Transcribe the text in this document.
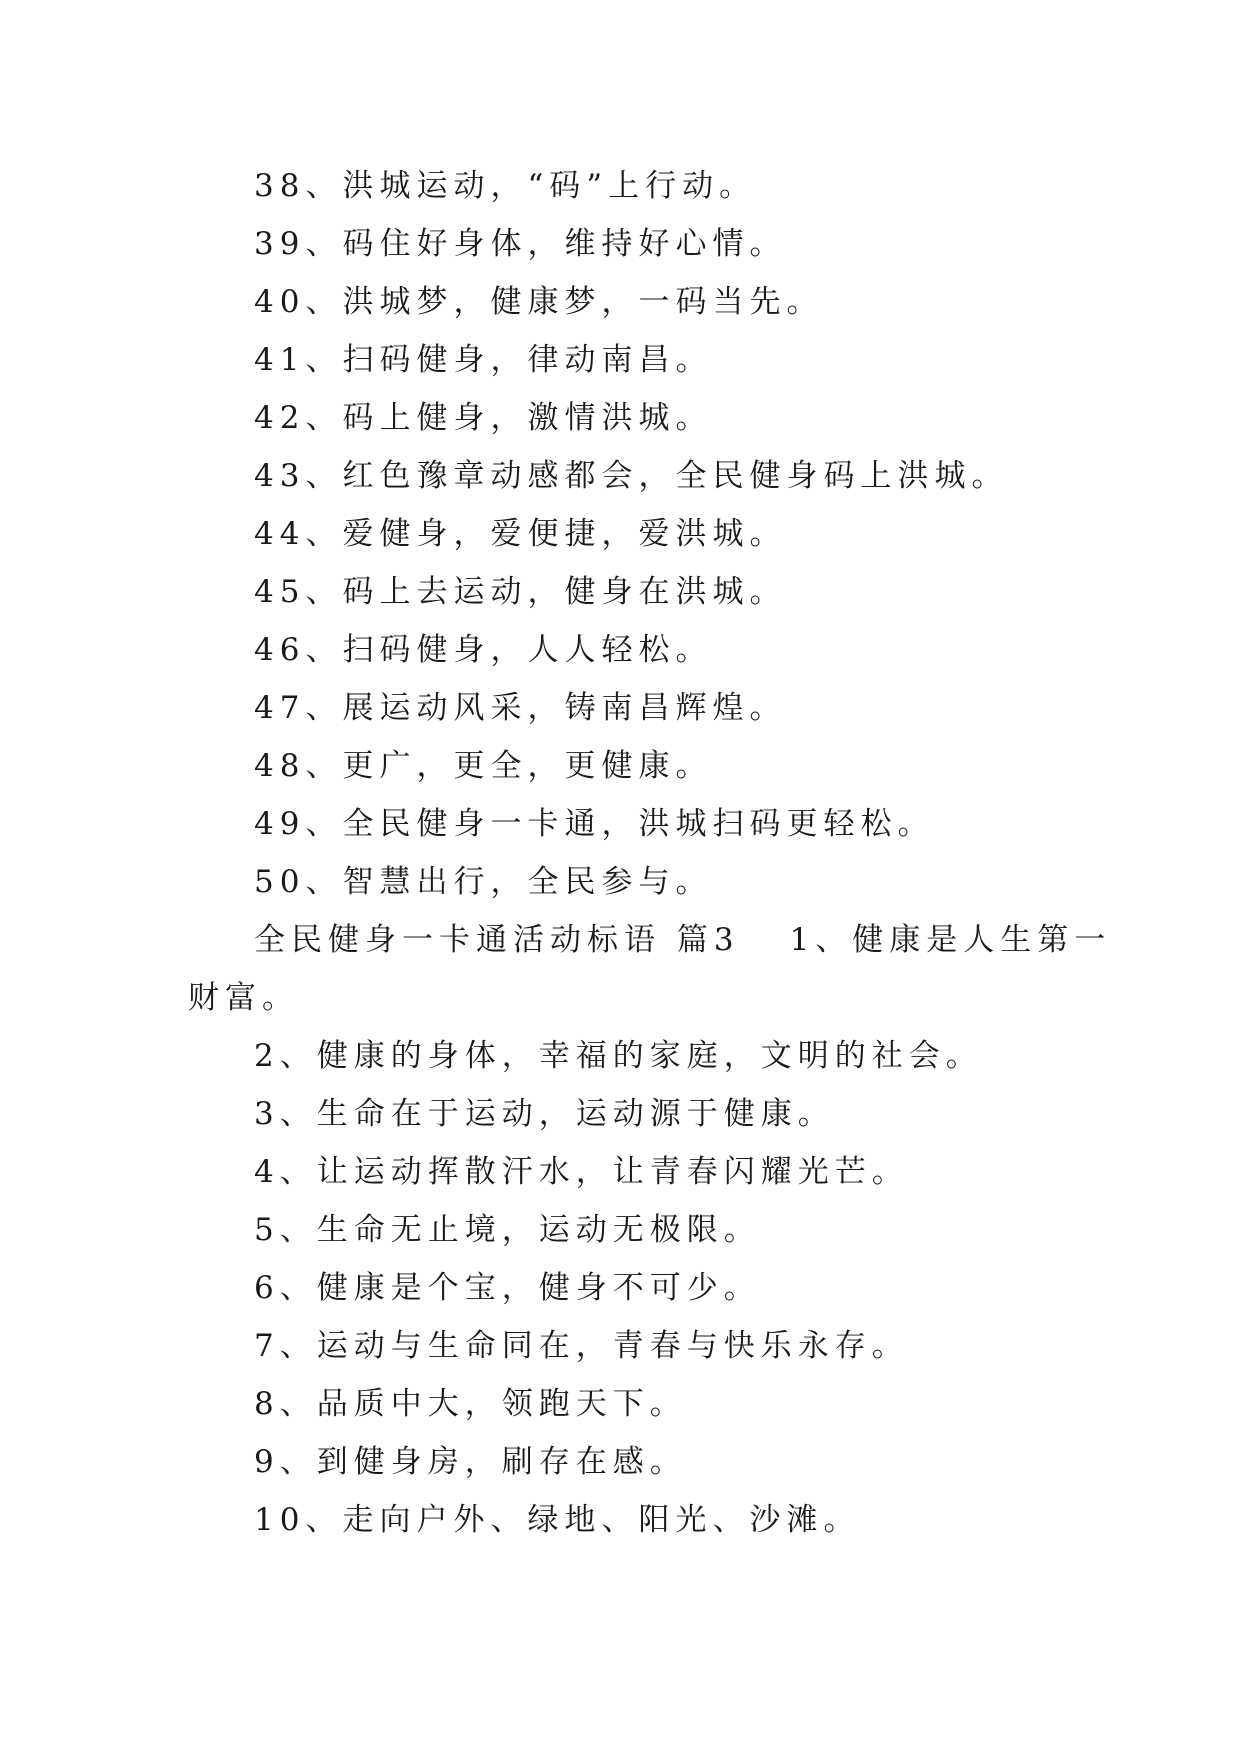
38、洪城运动，“码”上行动。
39、码住好身体，维持好心情。
40、洪城梦，健康梦，一码当先。
41、扫码健身，律动南昌。
42、码上健身，激情洪城。
43、红色豫章动感都会，全民健身码上洪城。
44、爱健身，爱便捷，爱洪城。
45、码上去运动，健身在洪城。
46、扫码健身，人人轻松。
47、展运动风采，铸南昌辉煌。
48、更广，更全，更健康。
49、全民健身一卡通，洪城扫码更轻松。
50、智慧出行，全民参与。
全民健身一卡通活动标语 篇3 1、健康是人生第一
财富。
2、健康的身体，幸福的家庭，文明的社会。
3、生命在于运动，运动源于健康。
4、让运动挥散汗水，让青春闪耀光芒。
5、生命无止境，运动无极限。
6、健康是个宝，健身不可少。
7、运动与生命同在，青春与快乐永存。
8、品质中大，领跑天下。
9、到健身房，刷存在感。
10、走向户外、绿地、阳光、沙滩。
